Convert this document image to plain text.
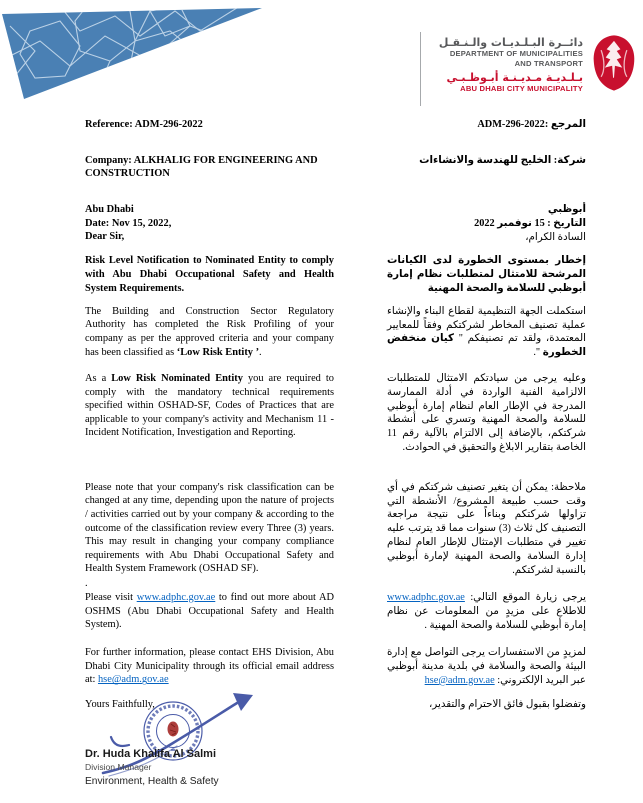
دائــرة البـلـديـات والـنـقـل
DEPARTMENT OF MUNICIPALITIES
AND TRANSPORT
بـلـديـة مـديـنـة أبـوظـبـي
ABU DHABI CITY MUNICIPALITY
Reference: ADM-296-2022	المرجع :ADM-296-2022
Company: ALKHALIG FOR ENGINEERING AND CONSTRUCTION
شركة: الخليج للهندسة والانشاءات
Abu Dhabi
Date: Nov 15, 2022,
Dear Sir,
أبوظبي
التاريخ : 15 نوفمبر 2022
السادة الكرام،
Risk Level Notification to Nominated Entity to comply with Abu Dhabi Occupational Safety and Health System Requirements.
إخطار بمستوى الخطورة لدى الكيانات المرشحة للامتثال لمتطلبات نظام إمارة أبوظبي للسلامة والصحة المهنية
The Building and Construction Sector Regulatory Authority has completed the Risk Profiling of your company as per the approved criteria and your company has been classified as ‘Low Risk Entity ’.
استكملت الجهة التنظيمية لقطاع البناء والإنشاء عملية تصنيف المخاطر لشركتكم وفقاً للمعايير المعتمدة، ولقد تم تصنيفكم " كيان منخفض الخطورة ".
As a Low Risk Nominated Entity you are required to comply with the mandatory technical requirements specified within OSHAD-SF, Codes of Practices that are applicable to your company's activity and Mechanism 11 - Incident Notification, Investigation and Reporting.
وعليه يرجى من سيادتكم الامتثال للمتطلبات الالزامية الفنية الواردة في أدلة الممارسة المدرجة في الإطار العام لنظام إمارة أبوظبي للسلامة والصحة المهنية وتسري على أنشطة شركتكم، بالإضافة إلى الالتزام بالآلية رقم 11 الخاصة بتقارير الابلاغ والتحقيق في الحوادث.
Please note that your company's risk classification can be changed at any time, depending upon the nature of projects / activities carried out by your company & according to the outcome of the classification review every Three (3) years. This may result in changing your company compliance requirements with Abu Dhabi Occupational Safety and Health System Framework (OSHAD SF).
ملاحظة: يمكن أن يتغير تصنيف شركتكم في أي وقت حسب طبيعة المشروع/ الأنشطة التي تزاولها شركتكم وبناءاً على نتيجة مراجعة التصنيف كل ثلاث (3) سنوات مما قد يترتب عليه تغيير في متطلبات الإمتثال للإطار العام لنظام إدارة السلامة والصحة المهنية لإمارة أبوظبي بالنسبة لشركتكم.
.
Please visit www.adphc.gov.ae to find out more about AD OSHMS (Abu Dhabi Occupational Safety and Health System).
يرجى زيارة الموقع التالي: www.adphc.gov.ae للاطلاع على مزيدٍ من المعلومات عن نظام إمارة أبوظبي للسلامة والصحة المهنية .
For further information, please contact EHS Division, Abu Dhabi City Municipality through its official email address at: hse@adm.gov.ae
لمزيدٍ من الاستفسارات يرجى التواصل مع إدارة البيئة والصحة والسلامة في بلدية مدينة أبوظبي عبر البريد الإلكتروني: hse@adm.gov.ae
Yours Faithfully,	وتفضلوا بقبول فائق الاحترام والتقدير،
Dr. Huda Khalifa Al Salmi
Division Manager
Environment, Health & Safety
